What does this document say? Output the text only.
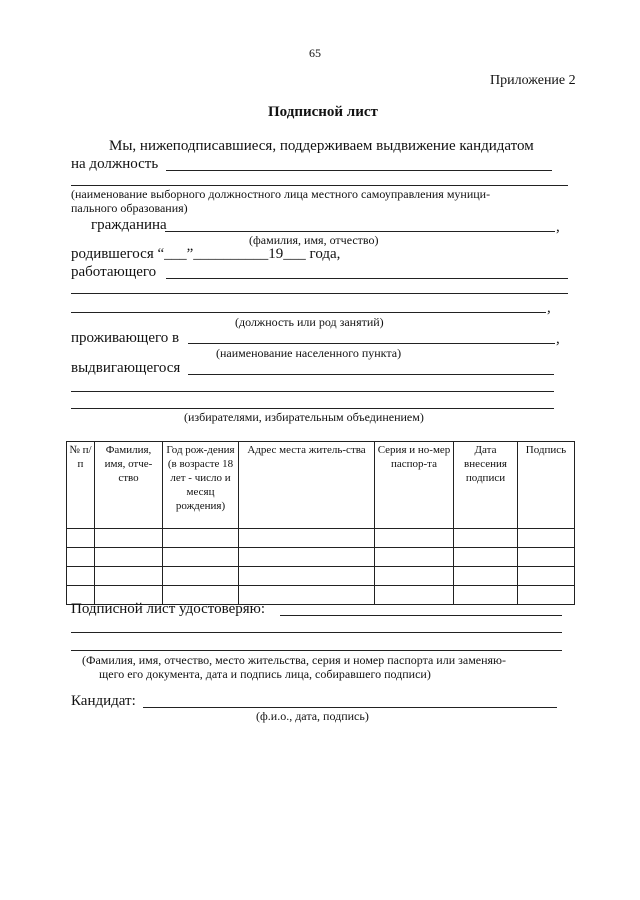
65
Приложение 2
Подписной лист
Мы, нижеподписавшиеся, поддерживаем выдвижение кандидатом
на должность
(наименование выборного должностного лица местного самоуправления муници-
пального образования)
гражданина	,
(фамилия, имя, отчество)
родившегося “___”__________19___ года,
работающего
,
(должность или род занятий)
проживающего в	,
(наименование населенного пункта)
выдвигающегося
(избирателями, избирательным объединением)
№ п/п	Фамилия, имя, отче-ство	Год рож-дения (в возрасте 18 лет - число и месяц рождения)	Адрес места житель-ства	Серия и но-мер паспор-та	Дата внесения подписи	Подпись

Подписной лист удостоверяю:
(Фамилия, имя, отчество, место жительства, серия и номер паспорта или заменяю-
щего его документа, дата и подпись лица, собиравшего подписи)
Кандидат:
(ф.и.о., дата, подпись)
